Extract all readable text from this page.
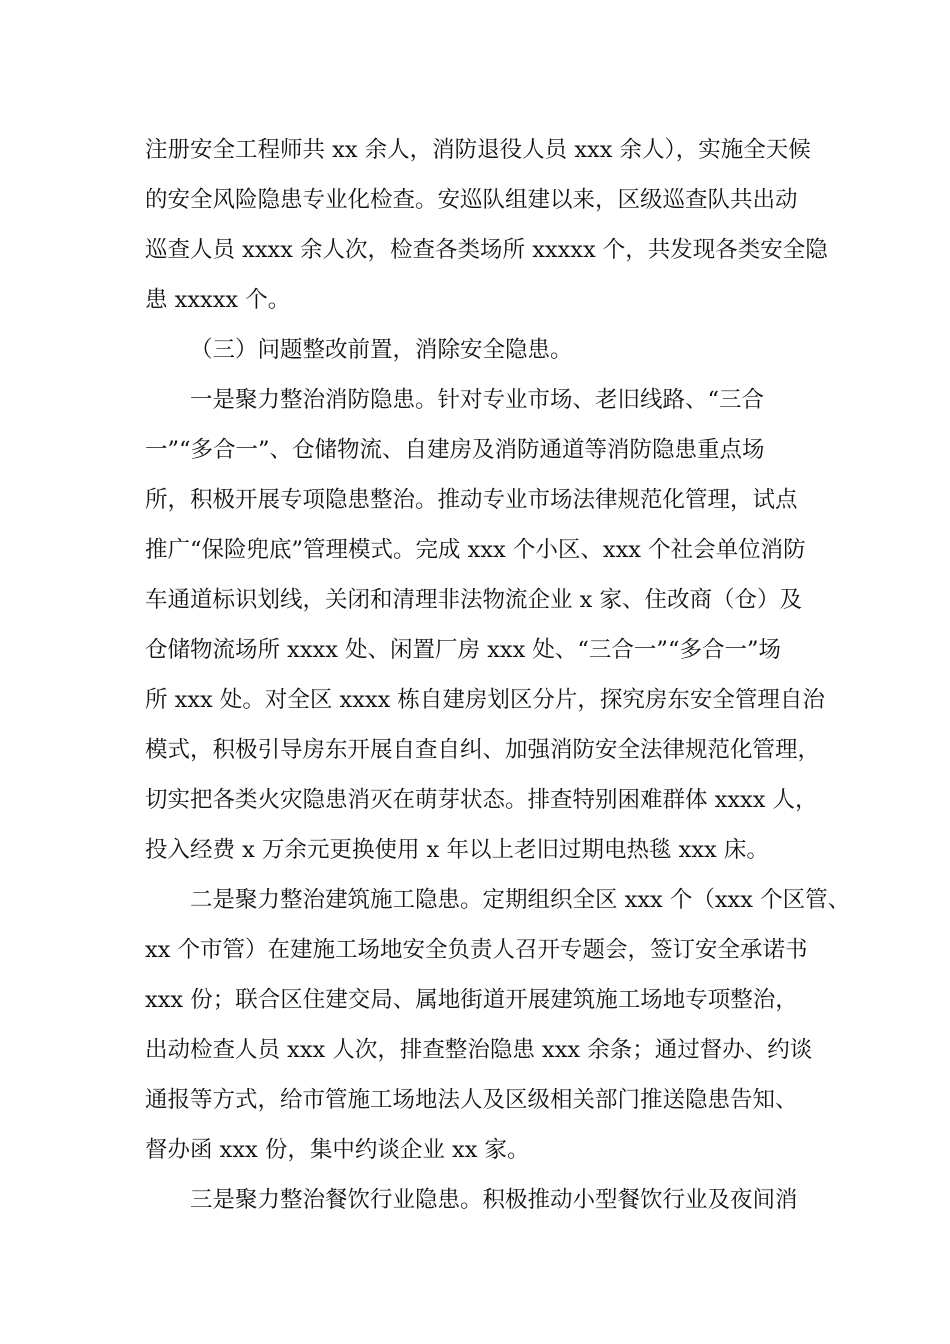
注册安全工程师共 xx 余人，消防退役人员 xxx 余人），实施全天候
的安全风险隐患专业化检查。安巡队组建以来，区级巡查队共出动
巡查人员 xxxx 余人次，检查各类场所 xxxxx 个，共发现各类安全隐
患 xxxxx 个。
（三）问题整改前置，消除安全隐患。
一是聚力整治消防隐患。针对专业市场、老旧线路、“三合
一”“多合一”、仓储物流、自建房及消防通道等消防隐患重点场
所，积极开展专项隐患整治。推动专业市场法律规范化管理，试点
推广“保险兜底”管理模式。完成 xxx 个小区、xxx 个社会单位消防
车通道标识划线，关闭和清理非法物流企业 x 家、住改商（仓）及
仓储物流场所 xxxx 处、闲置厂房 xxx 处、“三合一”“多合一”场
所 xxx 处。对全区 xxxx 栋自建房划区分片，探究房东安全管理自治
模式，积极引导房东开展自查自纠、加强消防安全法律规范化管理，
切实把各类火灾隐患消灭在萌芽状态。排查特别困难群体 xxxx 人，
投入经费 x 万余元更换使用 x 年以上老旧过期电热毯 xxx 床。
二是聚力整治建筑施工隐患。定期组织全区 xxx 个（xxx 个区管、
xx 个市管）在建施工场地安全负责人召开专题会，签订安全承诺书
xxx 份；联合区住建交局、属地街道开展建筑施工场地专项整治，
出动检查人员 xxx 人次，排查整治隐患 xxx 余条；通过督办、约谈
通报等方式，给市管施工场地法人及区级相关部门推送隐患告知、
督办函 xxx 份，集中约谈企业 xx 家。
三是聚力整治餐饮行业隐患。积极推动小型餐饮行业及夜间消
